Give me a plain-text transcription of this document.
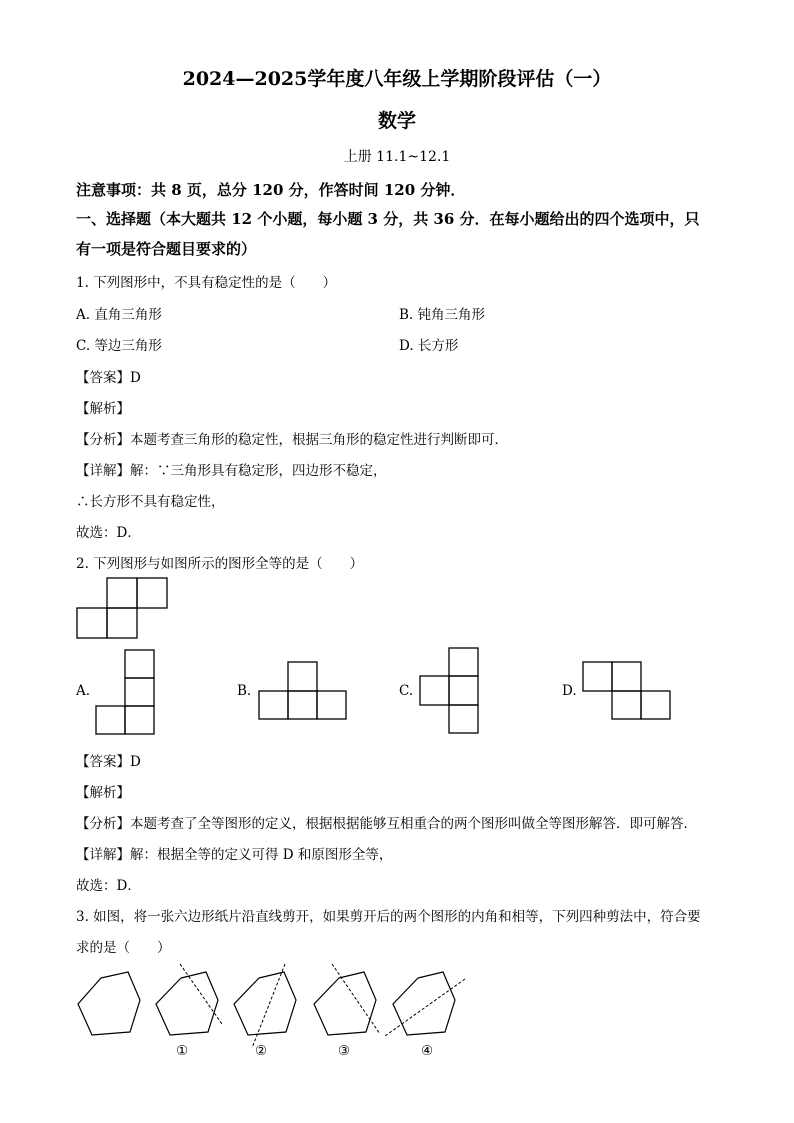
2024—2025学年度八年级上学期阶段评估（一）
数学
上册 11.1~12.1
注意事项：共 8 页，总分 120 分，作答时间 120 分钟．
一、选择题（本大题共 12 个小题，每小题 3 分，共 36 分．在每小题给出的四个选项中，只
有一项是符合题目要求的）
1. 下列图形中，不具有稳定性的是（　　）
A. 直角三角形	B. 钝角三角形
C. 等边三角形	D. 长方形
【答案】D
【解析】
【分析】本题考查三角形的稳定性，根据三角形的稳定性进行判断即可．
【详解】解：∵三角形具有稳定形，四边形不稳定，
∴长方形不具有稳定性，
故选：D．
2. 下列图形与如图所示的图形全等的是（　　）
A.	B.	C.	D.
【答案】D
【解析】
【分析】本题考查了全等图形的定义，根据根据能够互相重合的两个图形叫做全等图形解答．即可解答．
【详解】解：根据全等的定义可得 D 和原图形全等，
故选：D．
3. 如图，将一张六边形纸片沿直线剪开，如果剪开后的两个图形的内角和相等，下列四种剪法中，符合要
求的是（　　）
①	②	③	④
